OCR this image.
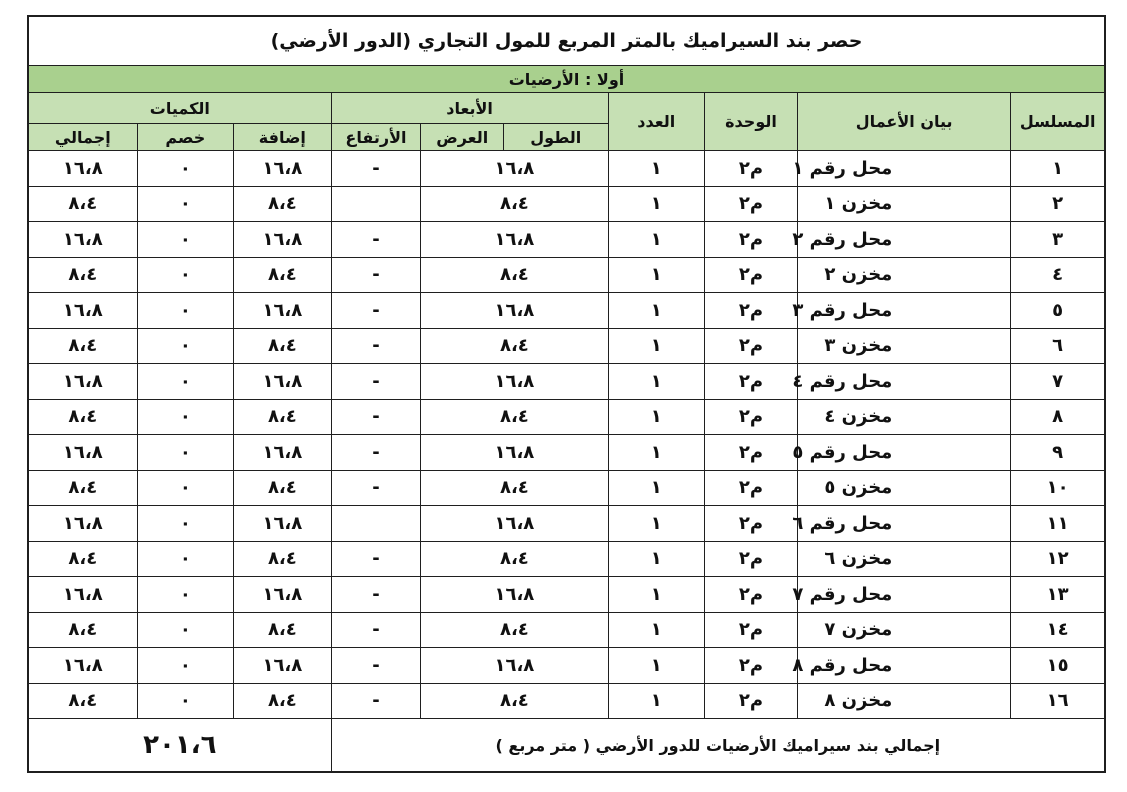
حصر بند السيراميك بالمتر المربع للمول التجاري (الدور الأرضي)									
أولا : الأرضيات									
المسلسل	بيان الأعمال	الوحدة	العدد	الأبعاد			الكميات		
				الطول	العرض	الأرتفاع	إضافة	خصم	إجمالي
١	محل رقم ١	م٢	١	١٦،٨		-	١٦،٨	٠	١٦،٨
٢	مخزن ١	م٢	١	٨،٤			٨،٤	٠	٨،٤
٣	محل رقم ٢	م٢	١	١٦،٨		-	١٦،٨	٠	١٦،٨
٤	مخزن ٢	م٢	١	٨،٤		-	٨،٤	٠	٨،٤
٥	محل رقم ٣	م٢	١	١٦،٨		-	١٦،٨	٠	١٦،٨
٦	مخزن ٣	م٢	١	٨،٤		-	٨،٤	٠	٨،٤
٧	محل رقم ٤	م٢	١	١٦،٨		-	١٦،٨	٠	١٦،٨
٨	مخزن ٤	م٢	١	٨،٤		-	٨،٤	٠	٨،٤
٩	محل رقم ٥	م٢	١	١٦،٨		-	١٦،٨	٠	١٦،٨
١٠	مخزن ٥	م٢	١	٨،٤		-	٨،٤	٠	٨،٤
١١	محل رقم ٦	م٢	١	١٦،٨			١٦،٨	٠	١٦،٨
١٢	مخزن ٦	م٢	١	٨،٤		-	٨،٤	٠	٨،٤
١٣	محل رقم ٧	م٢	١	١٦،٨		-	١٦،٨	٠	١٦،٨
١٤	مخزن ٧	م٢	١	٨،٤		-	٨،٤	٠	٨،٤
١٥	محل رقم ٨	م٢	١	١٦،٨		-	١٦،٨	٠	١٦،٨
١٦	مخزن ٨	م٢	١	٨،٤		-	٨،٤	٠	٨،٤
إجمالي بند سيراميك الأرضيات للدور الأرضي ( متر مربع )							٢٠١،٦		
